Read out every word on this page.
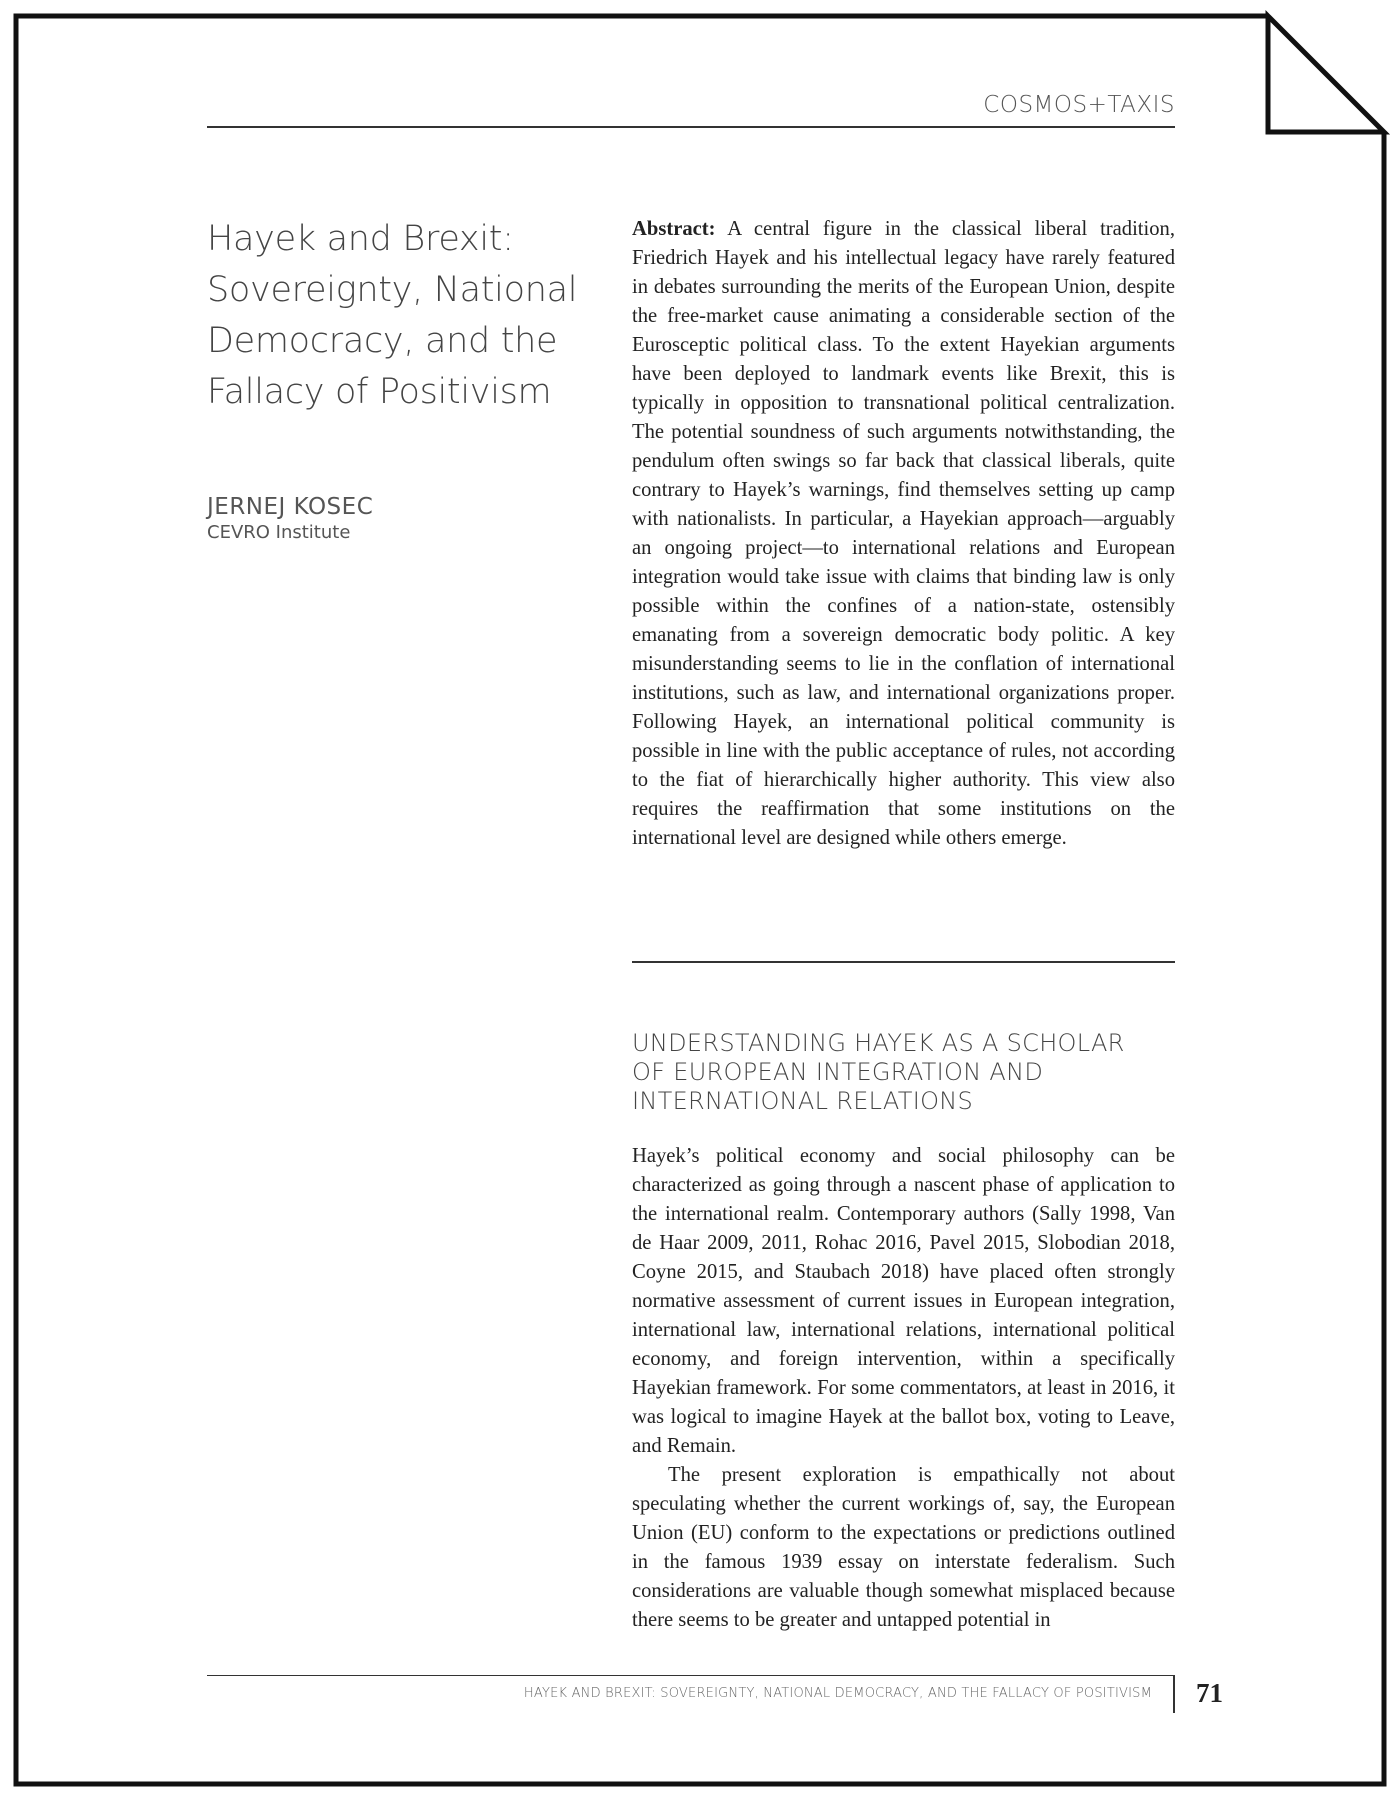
COSMOS+TAXIS
Hayek and Brexit:
Sovereignty, National
Democracy, and the
Fallacy of Positivism
JERNEJ KOSEC
CEVRO Institute
Abstract: A central figure in the classical liberal tradition, Friedrich Hayek and his intellectual legacy have rarely featured in debates surrounding the merits of the European Union, despite the free-market cause animating a considerable section of the Eurosceptic political class. To the extent Hayekian arguments have been deployed to landmark events like Brexit, this is typically in opposition to transnational political centralization. The potential soundness of such arguments notwithstanding, the pendulum often swings so far back that classical liberals, quite contrary to Hayek’s warnings, find themselves setting up camp with nationalists. In particular, a Hayekian approach—arguably an ongoing project—to international relations and European integration would take issue with claims that binding law is only possible within the confines of a nation-state, ostensibly emanating from a sovereign democratic body politic. A key misunderstanding seems to lie in the conflation of international institutions, such as law, and international organizations proper. Following Hayek, an international political community is possible in line with the public acceptance of rules, not according to the fiat of hierarchically higher authority. This view also requires the reaffirmation that some institutions on the international level are designed while others emerge.
UNDERSTANDING HAYEK AS A SCHOLAR
OF EUROPEAN INTEGRATION AND
INTERNATIONAL RELATIONS

Hayek’s political economy and social philosophy can be characterized as going through a nascent phase of application to the international realm. Contemporary authors (Sally 1998, Van de Haar 2009, 2011, Rohac 2016, Pavel 2015, Slobodian 2018, Coyne 2015, and Staubach 2018) have placed often strongly normative assessment of current issues in European integration, international law, international relations, international political economy, and foreign intervention, within a specifically Hayekian framework. For some commentators, at least in 2016, it was logical to imagine Hayek at the ballot box, voting to Leave, and Remain.

The present exploration is empathically not about speculating whether the current workings of, say, the European Union (EU) conform to the expectations or predictions outlined in the famous 1939 essay on interstate federalism. Such considerations are valuable though somewhat misplaced because there seems to be greater and untapped potential in

HAYEK AND BREXIT: SOVEREIGNTY, NATIONAL DEMOCRACY, AND THE FALLACY OF POSITIVISM 71
